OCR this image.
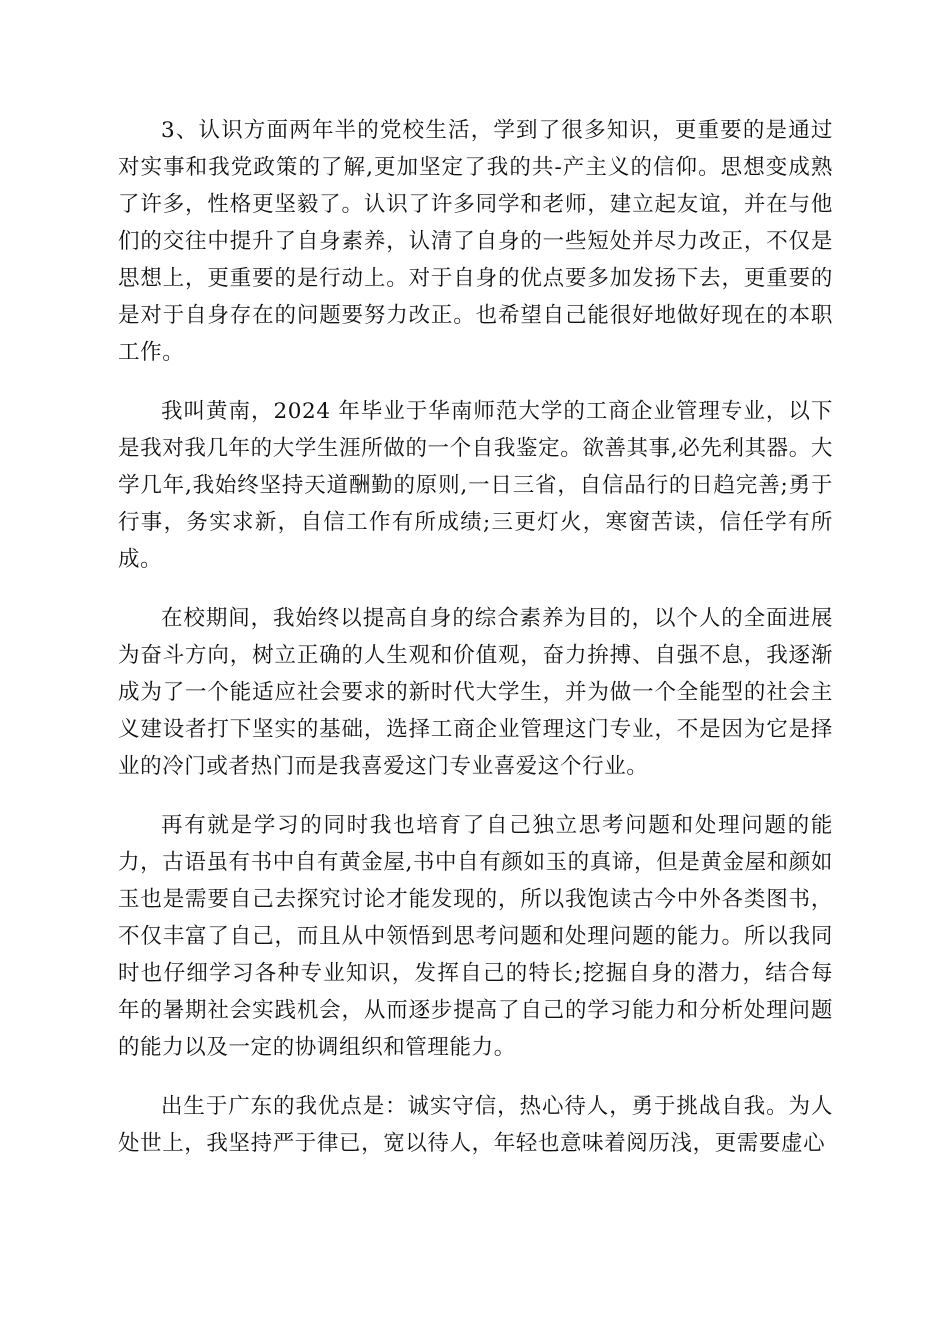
3、认识方面两年半的党校生活，学到了很多知识，更重要的是通过对实事和我党政策的了解,更加坚定了我的共-产主义的信仰。思想变成熟了许多，性格更坚毅了。认识了许多同学和老师，建立起友谊，并在与他们的交往中提升了自身素养，认清了自身的一些短处并尽力改正，不仅是思想上，更重要的是行动上。对于自身的优点要多加发扬下去，更重要的是对于自身存在的问题要努力改正。也希望自己能很好地做好现在的本职工作。

我叫黄南，2024 年毕业于华南师范大学的工商企业管理专业，以下是我对我几年的大学生涯所做的一个自我鉴定。欲善其事,必先利其器。大学几年,我始终坚持天道酬勤的原则,一日三省，自信品行的日趋完善;勇于行事，务实求新，自信工作有所成绩;三更灯火，寒窗苦读，信任学有所成。

在校期间，我始终以提高自身的综合素养为目的，以个人的全面进展为奋斗方向，树立正确的人生观和价值观，奋力拚搏、自强不息，我逐渐成为了一个能适应社会要求的新时代大学生，并为做一个全能型的社会主义建设者打下坚实的基础，选择工商企业管理这门专业，不是因为它是择业的冷门或者热门而是我喜爱这门专业喜爱这个行业。

再有就是学习的同时我也培育了自己独立思考问题和处理问题的能力，古语虽有书中自有黄金屋,书中自有颜如玉的真谛，但是黄金屋和颜如玉也是需要自己去探究讨论才能发现的，所以我饱读古今中外各类图书，不仅丰富了自己，而且从中领悟到思考问题和处理问题的能力。所以我同时也仔细学习各种专业知识，发挥自己的特长;挖掘自身的潜力，结合每年的暑期社会实践机会，从而逐步提高了自己的学习能力和分析处理问题的能力以及一定的协调组织和管理能力。

出生于广东的我优点是：诚实守信，热心待人，勇于挑战自我。为人处世上，我坚持严于律已，宽以待人，年轻也意味着阅历浅，更需要虚心
